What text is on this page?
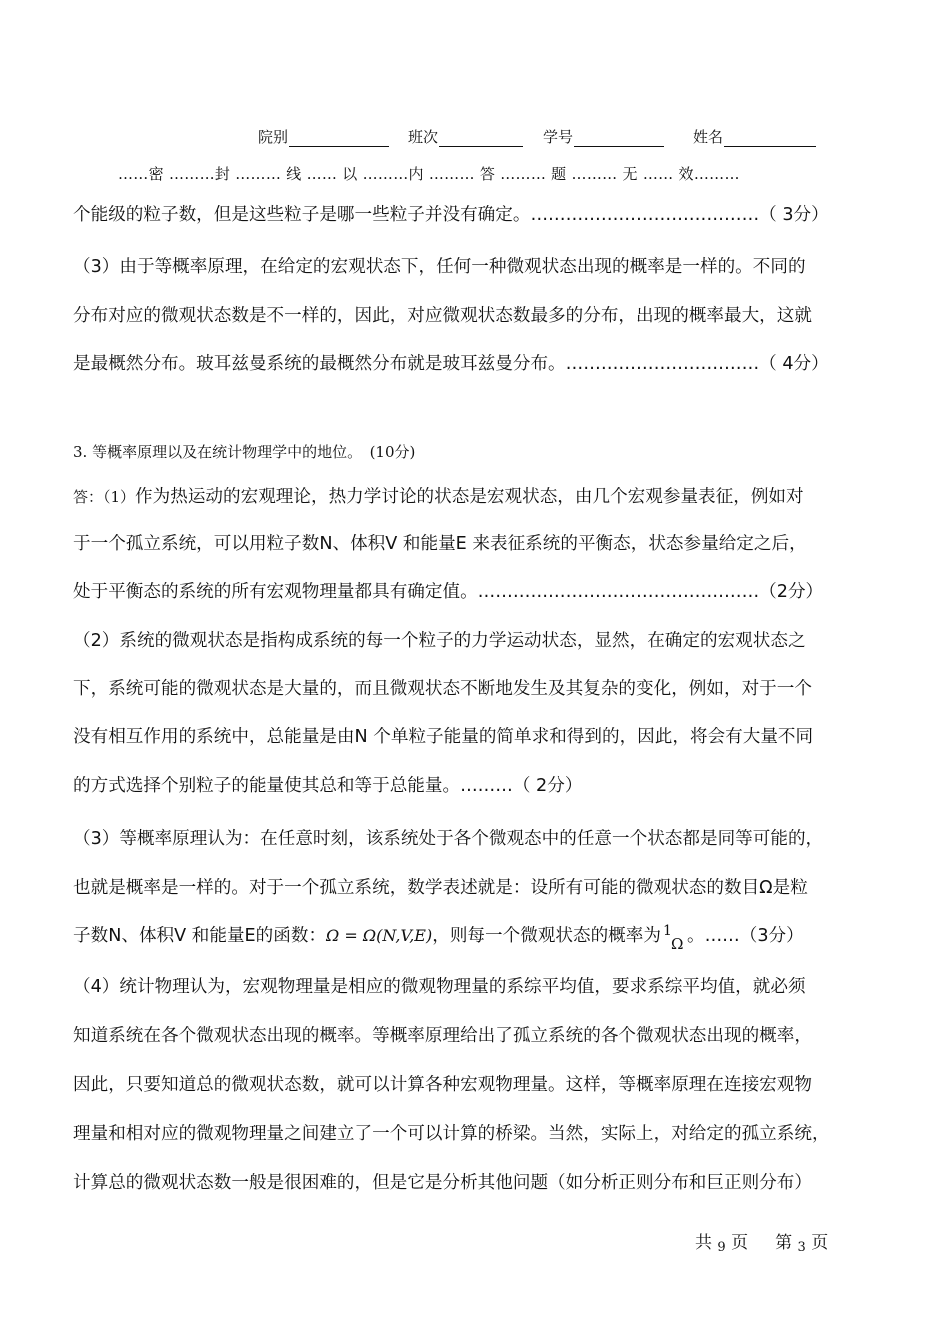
院别	班次	学号	姓名
……密 ………封 ……… 线 …… 以 ………内 ……… 答 ……… 题 ……… 无 …… 效………
个能级的粒子数，但是这些粒子是哪一些粒子并没有确定。…………………………………（ 3分）
（3）由于等概率原理，在给定的宏观状态下，任何一种微观状态出现的概率是一样的。不同的
分布对应的微观状态数是不一样的，因此，对应微观状态数最多的分布，出现的概率最大，这就
是最概然分布。玻耳兹曼系统的最概然分布就是玻耳兹曼分布。……………………………（ 4分）
3. 等概率原理以及在统计物理学中的地位。　(10分)
答：（1）作为热运动的宏观理论，热力学讨论的状态是宏观状态，由几个宏观参量表征，例如对
于一个孤立系统，可以用粒子数N、体积V 和能量E 来表征系统的平衡态，状态参量给定之后，
处于平衡态的系统的所有宏观物理量都具有确定值。…………………………………………（2分）
（2）系统的微观状态是指构成系统的每一个粒子的力学运动状态，显然，在确定的宏观状态之
下，系统可能的微观状态是大量的，而且微观状态不断地发生及其复杂的变化，例如，对于一个
没有相互作用的系统中，总能量是由N 个单粒子能量的简单求和得到的，因此，将会有大量不同
的方式选择个别粒子的能量使其总和等于总能量。………（ 2分）
（3）等概率原理认为：在任意时刻，该系统处于各个微观态中的任意一个状态都是同等可能的，
也就是概率是一样的。对于一个孤立系统，数学表述就是：设所有可能的微观状态的数目Ω是粒
子数N、体积V 和能量E的函数：Ω = Ω(N,V,E)，则每一个微观状态的概率为 1
Ω 。……（3分）
（4）统计物理认为，宏观物理量是相应的微观物理量的系综平均值，要求系综平均值，就必须
知道系统在各个微观状态出现的概率。等概率原理给出了孤立系统的各个微观状态出现的概率，
因此，只要知道总的微观状态数，就可以计算各种宏观物理量。这样，等概率原理在连接宏观物
理量和相对应的微观物理量之间建立了一个可以计算的桥梁。当然，实际上，对给定的孤立系统，
计算总的微观状态数一般是很困难的，但是它是分析其他问题（如分析正则分布和巨正则分布）
共 9 页 第 3 页
